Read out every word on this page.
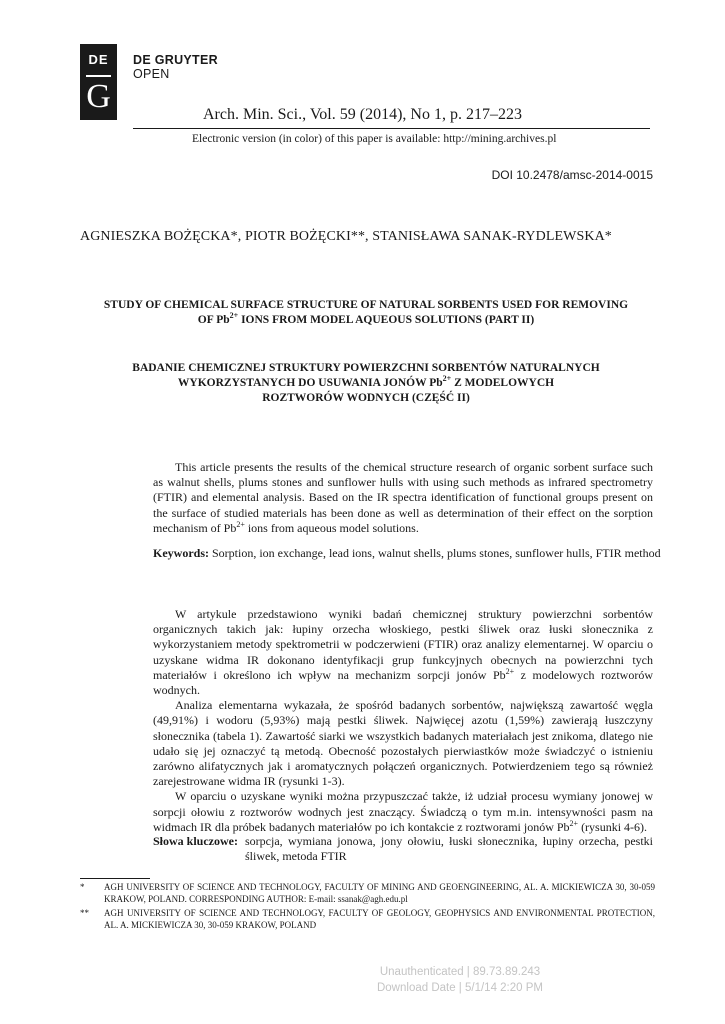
DE
G
DE GRUYTER
OPEN
Arch. Min. Sci., Vol. 59 (2014), No 1, p. 217–223
Electronic version (in color) of this paper is available: http://mining.archives.pl
DOI 10.2478/amsc-2014-0015
AGNIESZKA BOŻĘCKA*, PIOTR BOŻĘCKI**, STANISŁAWA SANAK-RYDLEWSKA*
STUDY OF CHEMICAL SURFACE STRUCTURE OF NATURAL SORBENTS USED FOR REMOVING
OF $Pb^{2+}$ IONS FROM MODEL AQUEOUS SOLUTIONS (PART II)
BADANIE CHEMICZNEJ STRUKTURY POWIERZCHNI SORBENTÓW NATURALNYCH
WYKORZYSTANYCH DO USUWANIA JONÓW $Pb^{2+}$ Z MODELOWYCH
ROZTWORÓW WODNYCH (CZĘŚĆ II)

This article presents the results of the chemical structure research of organic sorbent surface such as walnut shells, plums stones and sunflower hulls with using such methods as infrared spectrometry (FTIR) and elemental analysis. Based on the IR spectra identification of functional groups present on the surface of studied materials has been done as well as determination of their effect on the sorption mechanism of $Pb^{2+}$ ions from aqueous model solutions.

Keywords: Sorption, ion exchange, lead ions, walnut shells, plums stones, sunflower hulls, FTIR method

W artykule przedstawiono wyniki badań chemicznej struktury powierzchni sorbentów organicznych takich jak: łupiny orzecha włoskiego, pestki śliwek oraz łuski słonecznika z wykorzystaniem metody spektrometrii w podczerwieni (FTIR) oraz analizy elementarnej. W oparciu o uzyskane widma IR dokonano identyfikacji grup funkcyjnych obecnych na powierzchni tych materiałów i określono ich wpływ na mechanizm sorpcji jonów $Pb^{2+}$ z modelowych roztworów wodnych.

Analiza elementarna wykazała, że spośród badanych sorbentów, największą zawartość węgla (49,91%) i wodoru (5,93%) mają pestki śliwek. Najwięcej azotu (1,59%) zawierają łuszczyny słonecznika (tabela 1). Zawartość siarki we wszystkich badanych materiałach jest znikoma, dlatego nie udało się jej oznaczyć tą metodą. Obecność pozostałych pierwiastków może świadczyć o istnieniu zarówno alifatycznych jak i aromatycznych połączeń organicznych. Potwierdzeniem tego są również zarejestrowane widma IR (rysunki 1-3).

W oparciu o uzyskane wyniki można przypuszczać także, iż udział procesu wymiany jonowej w sorpcji ołowiu z roztworów wodnych jest znaczący. Świadczą o tym m.in. intensywności pasm na widmach IR dla próbek badanych materiałów po ich kontakcie z roztworami jonów $Pb^{2+}$ (rysunki 4-6).

Słowa kluczowe: sorpcja, wymiana jonowa, jony ołowiu, łuski słonecznika, łupiny orzecha, pestki śliwek, metoda FTIR
* AGH UNIVERSITY OF SCIENCE AND TECHNOLOGY, FACULTY OF MINING AND GEOENGINEERING, AL. A. MICKIEWICZA 30, 30-059 KRAKOW, POLAND. CORRESPONDING AUTHOR: E-mail: ssanak@agh.edu.pl
** AGH UNIVERSITY OF SCIENCE AND TECHNOLOGY, FACULTY OF GEOLOGY, GEOPHYSICS AND ENVIRONMENTAL PROTECTION, AL. A. MICKIEWICZA 30, 30-059 KRAKOW, POLAND
Unauthenticated | 89.73.89.243
Download Date | 5/1/14 2:20 PM
